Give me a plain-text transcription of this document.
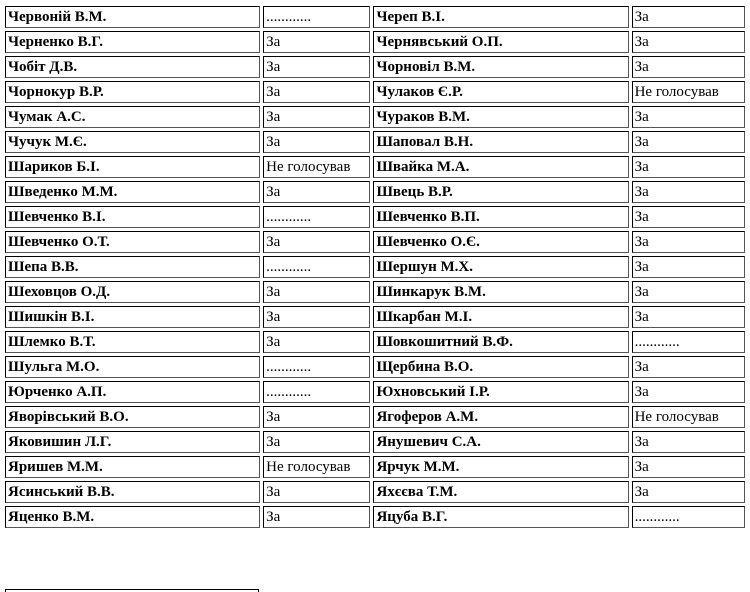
Червоній В.М.	............	Череп В.І.	За
Черненко В.Г.	За	Чернявський О.П.	За
Чобіт Д.В.	За	Чорновіл В.М.	За
Чорнокур В.Р.	За	Чулаков Є.Р.	Не голосував
Чумак А.С.	За	Чураков В.М.	За
Чучук М.Є.	За	Шаповал В.Н.	За
Шариков Б.І.	Не голосував	Швайка М.А.	За
Шведенко М.М.	За	Швець В.Р.	За
Шевченко В.І.	............	Шевченко В.П.	За
Шевченко О.Т.	За	Шевченко О.Є.	За
Шепа В.В.	............	Шершун М.Х.	За
Шеховцов О.Д.	За	Шинкарук В.М.	За
Шишкін В.І.	За	Шкарбан М.І.	За
Шлемко В.Т.	За	Шовкошитний В.Ф.	............
Шульга М.О.	............	Щербина В.О.	За
Юрченко А.П.	............	Юхновський І.Р.	За
Яворівський В.О.	За	Ягоферов А.М.	Не голосував
Яковишин Л.Г.	За	Янушевич С.А.	За
Яришев М.М.	Не голосував	Ярчук М.М.	За
Ясинський В.В.	За	Яхєєва Т.М.	За
Яценко В.М.	За	Яцуба В.Г.	............
